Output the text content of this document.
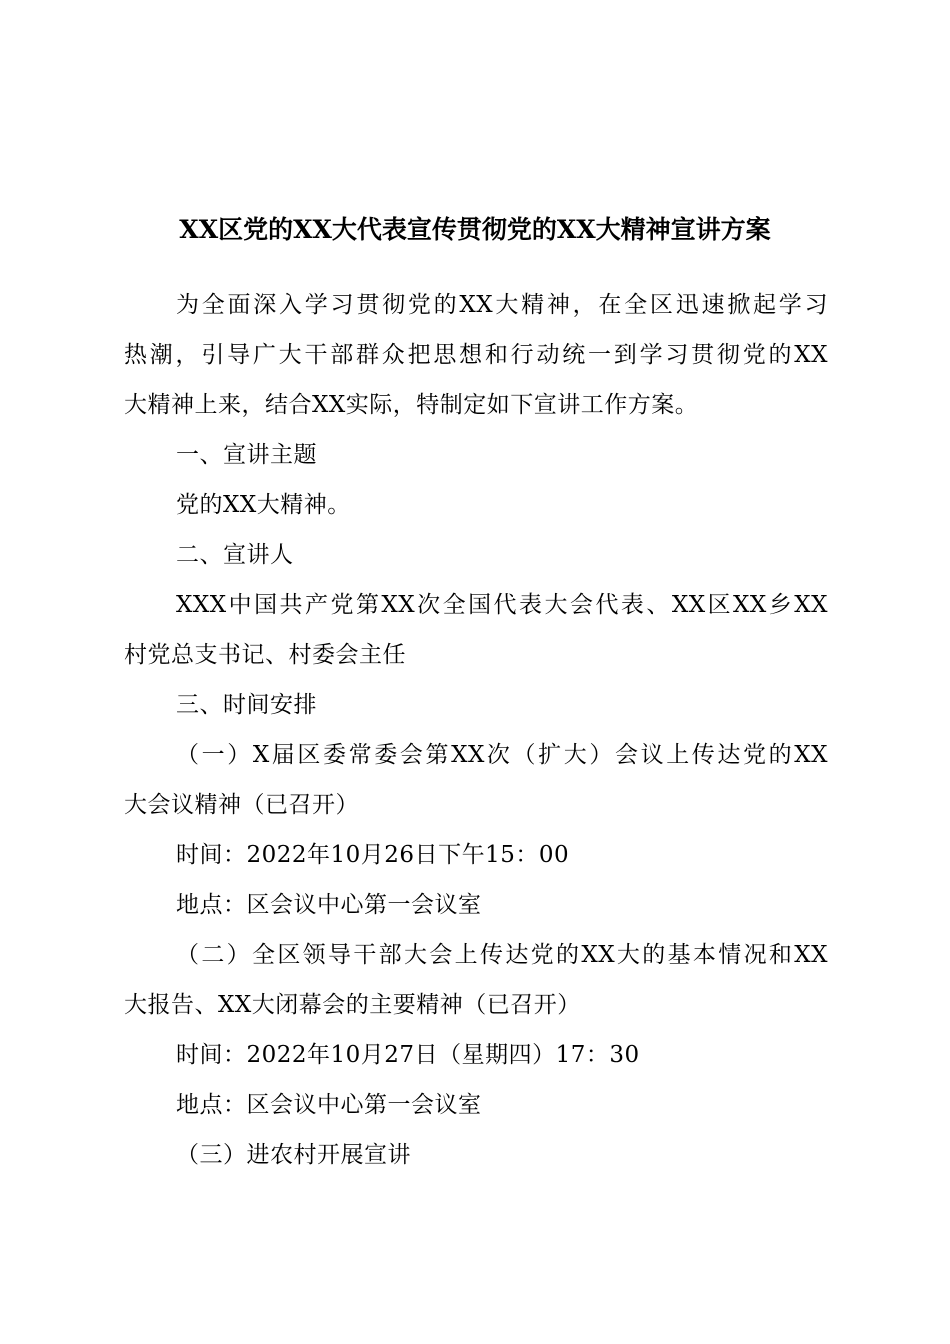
XX区党的XX大代表宣传贯彻党的XX大精神宣讲方案
为全面深入学习贯彻党的XX大精神，在全区迅速掀起学习
热潮，引导广大干部群众把思想和行动统一到学习贯彻党的XX
大精神上来，结合XX实际，特制定如下宣讲工作方案。
一、宣讲主题
党的XX大精神。
二、宣讲人
XXX中国共产党第XX次全国代表大会代表、XX区XX乡XX
村党总支书记、村委会主任
三、时间安排
（一）X届区委常委会第XX次（扩大）会议上传达党的XX
大会议精神（已召开）
时间：2022年10月26日下午15：00
地点：区会议中心第一会议室
（二）全区领导干部大会上传达党的XX大的基本情况和XX
大报告、XX大闭幕会的主要精神（已召开）
时间：2022年10月27日（星期四）17：30
地点：区会议中心第一会议室
（三）进农村开展宣讲
